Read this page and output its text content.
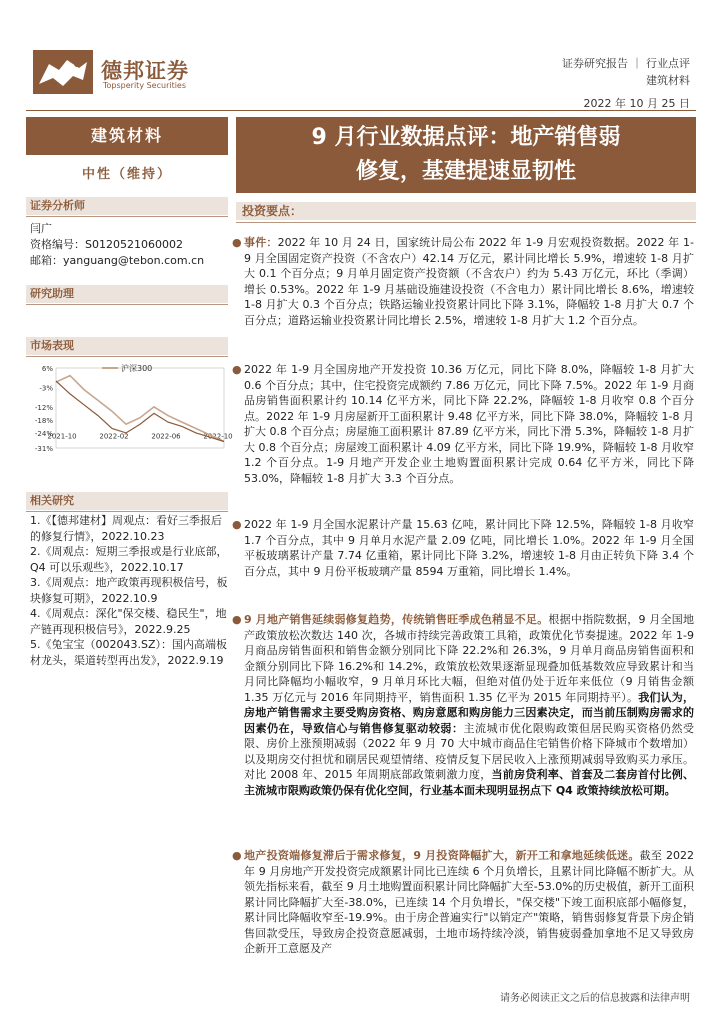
德邦证券
Topsperity Securities
证券研究报告 ｜ 行业点评
建筑材料
2022 年 10 月 25 日
建筑材料
中性（维持）
证券分析师
闫广
资格编号：S0120521060002
邮箱：yanguang@tebon.com.cn
研究助理
市场表现
6%
-3%
-12%
-18%
-24%
-31%
2021-10	2022-02	2022-06	2022-10
沪深300
相关研究
1.《【德邦建材】周观点：看好三季报后的修复行情》，2022.10.23
2.《周观点：短期三季报或是行业底部，Q4 可以乐观些》，2022.10.17
3.《周观点：地产政策再现积极信号，板块修复可期》，2022.10.9
4.《周观点：深化"保交楼、稳民生"，地产链再现积极信号》，2022.9.25
5.《兔宝宝（002043.SZ）：国内高端板材龙头，渠道转型再出发》，2022.9.19
9 月行业数据点评：地产销售弱
修复，基建提速显韧性
投资要点：
● 事件：2022 年 10 月 24 日，国家统计局公布 2022 年 1-9 月宏观投资数据。2022 年 1-9 月全国固定资产投资（不含农户）42.14 万亿元，累计同比增长 5.9%，增速较 1-8 月扩大 0.1 个百分点；9 月单月固定资产投资额（不含农户）约为 5.43 万亿元，环比（季调）增长 0.53%。2022 年 1-9 月基础设施建设投资（不含电力）累计同比增长 8.6%，增速较 1-8 月扩大 0.3 个百分点；铁路运输业投资累计同比下降 3.1%，降幅较 1-8 月扩大 0.7 个百分点；道路运输业投资累计同比增长 2.5%，增速较 1-8 月扩大 1.2 个百分点。
● 2022 年 1-9 月全国房地产开发投资 10.36 万亿元，同比下降 8.0%，降幅较 1-8 月扩大 0.6 个百分点；其中，住宅投资完成额约 7.86 万亿元，同比下降 7.5%。2022 年 1-9 月商品房销售面积累计约 10.14 亿平方米，同比下降 22.2%，降幅较 1-8 月收窄 0.8 个百分点。2022 年 1-9 月房屋新开工面积累计 9.48 亿平方米，同比下降 38.0%，降幅较 1-8 月扩大 0.8 个百分点；房屋施工面积累计 87.89 亿平方米，同比下滑 5.3%，降幅较 1-8 月扩大 0.8 个百分点；房屋竣工面积累计 4.09 亿平方米，同比下降 19.9%，降幅较 1-8 月收窄 1.2 个百分点。1-9 月地产开发企业土地购置面积累计完成 0.64 亿平方米，同比下降 53.0%，降幅较 1-8 月扩大 3.3 个百分点。
● 2022 年 1-9 月全国水泥累计产量 15.63 亿吨，累计同比下降 12.5%，降幅较 1-8 月收窄 1.7 个百分点，其中 9 月单月水泥产量 2.09 亿吨，同比增长 1.0%。2022 年 1-9 月全国平板玻璃累计产量 7.74 亿重箱，累计同比下降 3.2%，增速较 1-8 月由正转负下降 3.4 个百分点，其中 9 月份平板玻璃产量 8594 万重箱，同比增长 1.4%。
● 9 月地产销售延续弱修复趋势，传统销售旺季成色稍显不足。根据中指院数据，9 月全国地产政策放松次数达 140 次，各城市持续完善政策工具箱，政策优化节奏提速。2022 年 1-9 月商品房销售面积和销售金额分别同比下降 22.2%和 26.3%，9 月单月商品房销售面积和金额分别同比下降 16.2%和 14.2%，政策放松效果逐渐显现叠加低基数效应导致累计和当月同比降幅均小幅收窄，9 月单月环比大幅，但绝对值仍处于近年来低位（9 月销售金额 1.35 万亿元与 2016 年同期持平，销售面积 1.35 亿平为 2015 年同期持平）。我们认为，房地产销售需求主要受购房资格、购房意愿和购房能力三因素决定，而当前压制购房需求的因素仍在，导致信心与销售修复驱动较弱：主流城市优化限购政策但居民购买资格仍然受限、房价上涨预期减弱（2022 年 9 月 70 大中城市商品住宅销售价格下降城市个数增加）以及期房交付担忧和刷居民观望情绪、疫情反复下居民收入上涨预期减弱导致购买力承压。对比 2008 年、2015 年周期底部政策刺激力度，当前房贷利率、首套及二套房首付比例、主流城市限购政策仍保有优化空间，行业基本面未现明显拐点下 Q4 政策持续放松可期。
● 地产投资端修复滞后于需求修复，9 月投资降幅扩大，新开工和拿地延续低迷。截至 2022 年 9 月房地产开发投资完成额累计同比已连续 6 个月负增长，且累计同比降幅不断扩大。从领先指标来看，截至 9 月土地购置面积累计同比降幅扩大至-53.0%的历史极值，新开工面积累计同比降幅扩大至-38.0%，已连续 14 个月负增长，"保交楼"下竣工面积底部小幅修复，累计同比降幅收窄至-19.9%。由于房企普遍实行"以销定产"策略，销售弱修复背景下房企销售回款受压，导致房企投资意愿减弱，土地市场持续冷淡，销售疲弱叠加拿地不足又导致房企新开工意愿及产
请务必阅读正文之后的信息披露和法律声明
